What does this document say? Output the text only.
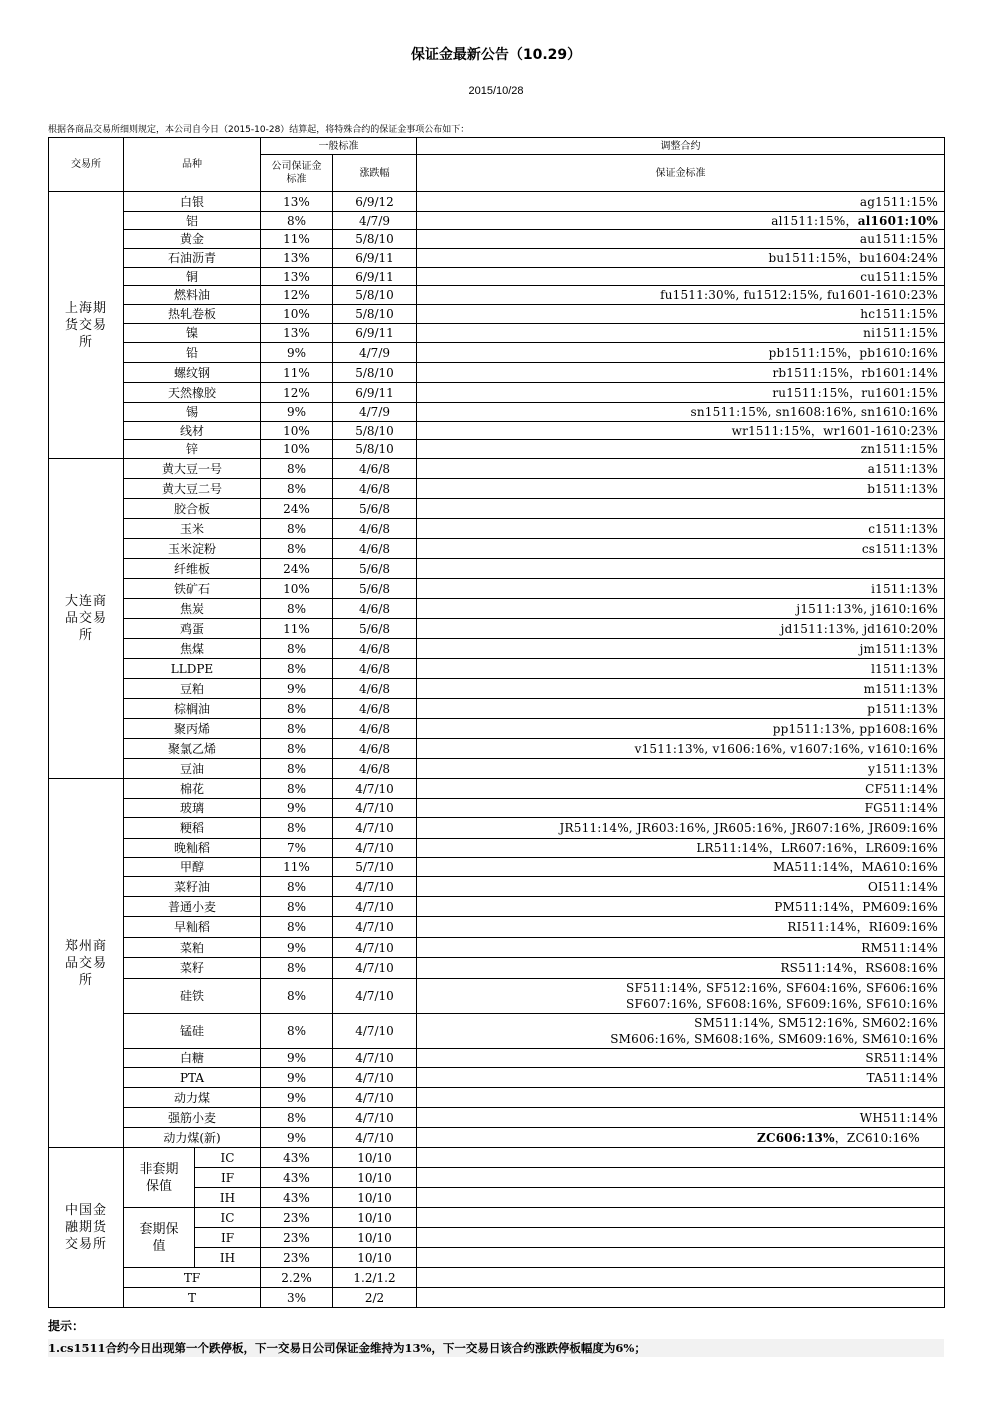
保证金最新公告（10.29）
2015/10/28
根据各商品交易所细则规定，本公司自今日（2015-10-28）结算起，将特殊合约的保证金事项公布如下：
交易所	品种		一般标准		调整合约
			公司保证金标准	涨跌幅	保证金标准
上海期货交易所	白银		13%	6/9/12	ag1511:15%
	铝		8%	4/7/9	al1511:15%，al1601:10%
	黄金		11%	5/8/10	au1511:15%
	石油沥青		13%	6/9/11	bu1511:15%，bu1604:24%
	铜		13%	6/9/11	cu1511:15%
	燃料油		12%	5/8/10	fu1511:30%, fu1512:15%, fu1601-1610:23%
	热轧卷板		10%	5/8/10	hc1511:15%
	镍		13%	6/9/11	ni1511:15%
	铅		9%	4/7/9	pb1511:15%，pb1610:16%
	螺纹钢		11%	5/8/10	rb1511:15%，rb1601:14%
	天然橡胶		12%	6/9/11	ru1511:15%，ru1601:15%
	锡		9%	4/7/9	sn1511:15%, sn1608:16%, sn1610:16%
	线材		10%	5/8/10	wr1511:15%，wr1601-1610:23%
	锌		10%	5/8/10	zn1511:15%
大连商品交易所	黄大豆一号		8%	4/6/8	a1511:13%
	黄大豆二号		8%	4/6/8	b1511:13%
	胶合板		24%	5/6/8	
	玉米		8%	4/6/8	c1511:13%
	玉米淀粉		8%	4/6/8	cs1511:13%
	纤维板		24%	5/6/8	
	铁矿石		10%	5/6/8	i1511:13%
	焦炭		8%	4/6/8	j1511:13%, j1610:16%
	鸡蛋		11%	5/6/8	jd1511:13%, jd1610:20%
	焦煤		8%	4/6/8	jm1511:13%
	LLDPE		8%	4/6/8	l1511:13%
	豆粕		9%	4/6/8	m1511:13%
	棕榈油		8%	4/6/8	p1511:13%
	聚丙烯		8%	4/6/8	pp1511:13%, pp1608:16%
	聚氯乙烯		8%	4/6/8	v1511:13%, v1606:16%, v1607:16%, v1610:16%
	豆油		8%	4/6/8	y1511:13%
郑州商品交易所	棉花		8%	4/7/10	CF511:14%
	玻璃		9%	4/7/10	FG511:14%
	粳稻		8%	4/7/10	JR511:14%, JR603:16%, JR605:16%, JR607:16%, JR609:16%
	晚籼稻		7%	4/7/10	LR511:14%，LR607:16%，LR609:16%
	甲醇		11%	5/7/10	MA511:14%，MA610:16%
	菜籽油		8%	4/7/10	OI511:14%
	普通小麦		8%	4/7/10	PM511:14%，PM609:16%
	早籼稻		8%	4/7/10	RI511:14%，RI609:16%
	菜粕		9%	4/7/10	RM511:14%
	菜籽		8%	4/7/10	RS511:14%，RS608:16%
	硅铁		8%	4/7/10	SF511:14%, SF512:16%, SF604:16%, SF606:16%
SF607:16%, SF608:16%, SF609:16%, SF610:16%

	锰硅		8%	4/7/10	SM511:14%, SM512:16%, SM602:16%
SM606:16%, SM608:16%, SM609:16%, SM610:16%

	白糖		9%	4/7/10	SR511:14%
	PTA		9%	4/7/10	TA511:14%
	动力煤		9%	4/7/10	
	强筋小麦		8%	4/7/10	WH511:14%
	动力煤(新)		9%	4/7/10	ZC606:13%，ZC610:16%
中国金融期货交易所	非套期保值	IC	43%	10/10	
		IF	43%	10/10	
		IH	43%	10/10	
	套期保值	IC	23%	10/10	
		IF	23%	10/10	
		IH	23%	10/10	
	TF		2.2%	1.2/1.2	
	T		3%	2/2	
提示：
1.cs1511合约今日出现第一个跌停板，下一交易日公司保证金维持为13%，下一交易日该合约涨跌停板幅度为6%；
